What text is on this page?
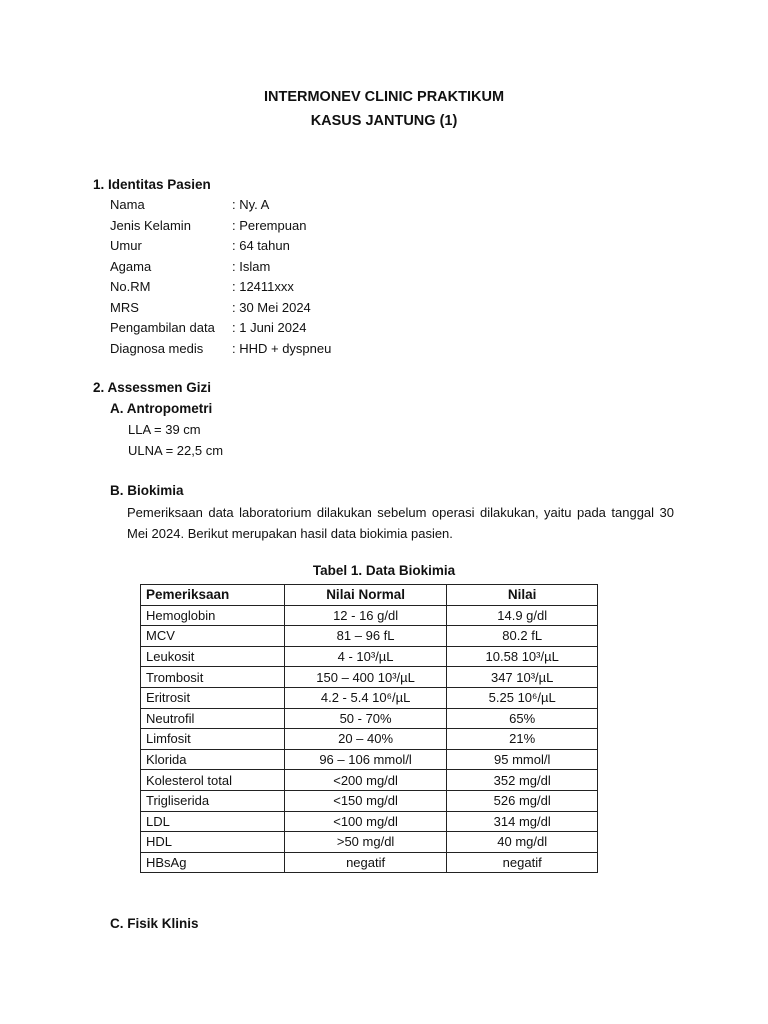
INTERMONEV CLINIC PRAKTIKUM
KASUS JANTUNG (1)
1. Identitas Pasien
Nama	: Ny. A
Jenis Kelamin	: Perempuan
Umur	: 64 tahun
Agama	: Islam
No.RM	: 12411xxx
MRS	: 30 Mei 2024
Pengambilan data : 1 Juni 2024
Diagnosa medis : HHD + dyspneu
2. Assessmen Gizi
A. Antropometri
LLA = 39 cm
ULNA = 22,5 cm
B. Biokimia
Pemeriksaan data laboratorium dilakukan sebelum operasi dilakukan, yaitu pada tanggal 30 Mei 2024. Berikut merupakan hasil data biokimia pasien.
Tabel 1. Data Biokimia
Pemeriksaan	Nilai Normal	Nilai
Hemoglobin	12 - 16 g/dl	14.9 g/dl
MCV	81 – 96 fL	80.2 fL
Leukosit	4 - 10³/µL	10.58 10³/µL
Trombosit	150 – 400 10³/µL	347 10³/µL
Eritrosit	4.2 - 5.4 10⁶/µL	5.25 10⁶/µL
Neutrofil	50 - 70%	65%
Limfosit	20 – 40%	21%
Klorida	96 – 106 mmol/l	95 mmol/l
Kolesterol total	<200 mg/dl	352 mg/dl
Trigliserida	<150 mg/dl	526 mg/dl
LDL	<100 mg/dl	314 mg/dl
HDL	>50 mg/dl	40 mg/dl
HBsAg	negatif	negatif
C. Fisik Klinis
